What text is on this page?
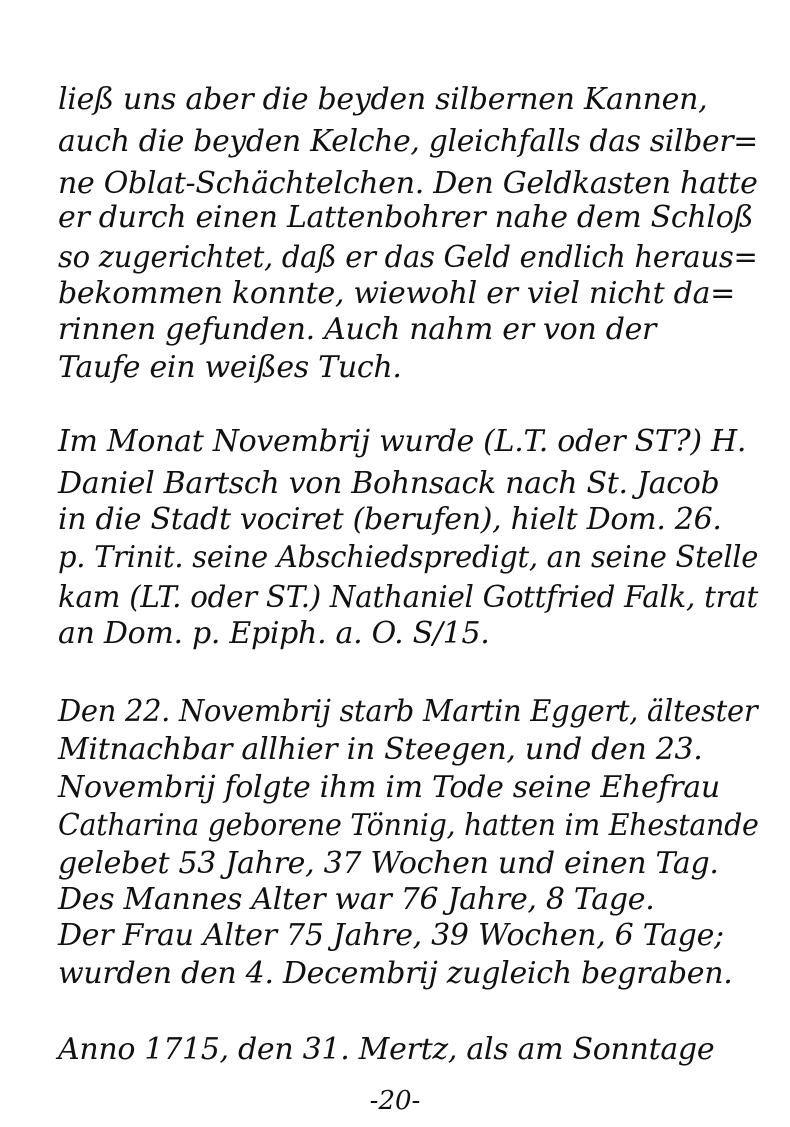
ließ uns aber die beyden silbernen Kannen,
auch die beyden Kelche, gleichfalls das silber=
ne Oblat-Schächtelchen. Den Geldkasten hatte
er durch einen Lattenbohrer nahe dem Schloß
so zugerichtet, daß er das Geld endlich heraus=
bekommen konnte, wiewohl er viel nicht da=
rinnen gefunden. Auch nahm er von der
Taufe ein weißes Tuch.
Im Monat Novembrij wurde (L.T. oder ST?) H.
Daniel Bartsch von Bohnsack nach St. Jacob
in die Stadt vociret (berufen), hielt Dom. 26.
p. Trinit. seine Abschiedspredigt, an seine Stelle
kam (LT. oder ST.) Nathaniel Gottfried Falk, trat
an Dom. p. Epiph. a. O. S/15.
Den 22. Novembrij starb Martin Eggert, ältester
Mitnachbar allhier in Steegen, und den 23.
Novembrij folgte ihm im Tode seine Ehefrau
Catharina geborene Tönnig, hatten im Ehestande
gelebet 53 Jahre, 37 Wochen und einen Tag.
Des Mannes Alter war 76 Jahre, 8 Tage.
Der Frau Alter 75 Jahre, 39 Wochen, 6 Tage;
wurden den 4. Decembrij zugleich begraben.
Anno 1715, den 31. Mertz, als am Sonntage
-20-
